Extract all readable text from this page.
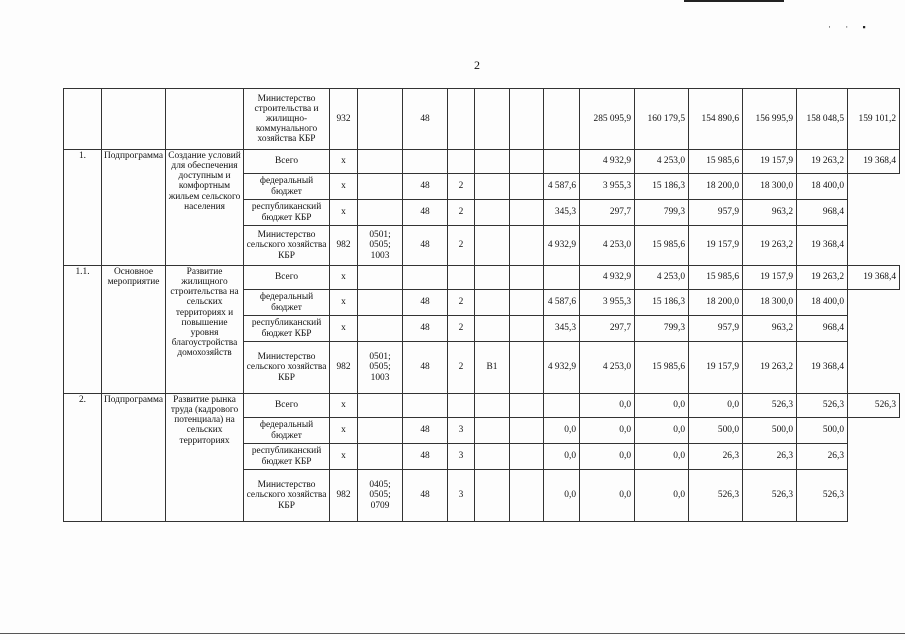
· · ▪
2
			Министерство строительства и жилищно-коммунального хозяйства КБР	932		48					285 095,9	160 179,5	154 890,6	156 995,9	158 048,5	159 101,2
1.	Подпрограмма	Создание условий для обеспечения доступным и комфортным жильем сельского населения	Всего	х							4 932,9	4 253,0	15 985,6	19 157,9	19 263,2	19 368,4
			федеральный бюджет	х		48	2			4 587,6	3 955,3	15 186,3	18 200,0	18 300,0	18 400,0	
			республиканский бюджет КБР	х		48	2			345,3	297,7	799,3	957,9	963,2	968,4	
			Министерство сельского хозяйства КБР	982	0501; 0505; 1003	48	2			4 932,9	4 253,0	15 985,6	19 157,9	19 263,2	19 368,4	
1.1.	Основное мероприятие	Развитие жилищного строительства на сельских территориях и повышение уровня благоустройства домохозяйств	Всего	х							4 932,9	4 253,0	15 985,6	19 157,9	19 263,2	19 368,4
			федеральный бюджет	х		48	2			4 587,6	3 955,3	15 186,3	18 200,0	18 300,0	18 400,0	
			республиканский бюджет КБР	х		48	2			345,3	297,7	799,3	957,9	963,2	968,4	
			Министерство сельского хозяйства КБР	982	0501; 0505; 1003	48	2	В1		4 932,9	4 253,0	15 985,6	19 157,9	19 263,2	19 368,4	
2.	Подпрограмма	Развитие рынка труда (кадрового потенциала) на сельских территориях	Всего	х							0,0	0,0	0,0	526,3	526,3	526,3
			федеральный бюджет	х		48	3			0,0	0,0	0,0	500,0	500,0	500,0	
			республиканский бюджет КБР	х		48	3			0,0	0,0	0,0	26,3	26,3	26,3	
			Министерство сельского хозяйства КБР	982	0405; 0505; 0709	48	3			0,0	0,0	0,0	526,3	526,3	526,3	
